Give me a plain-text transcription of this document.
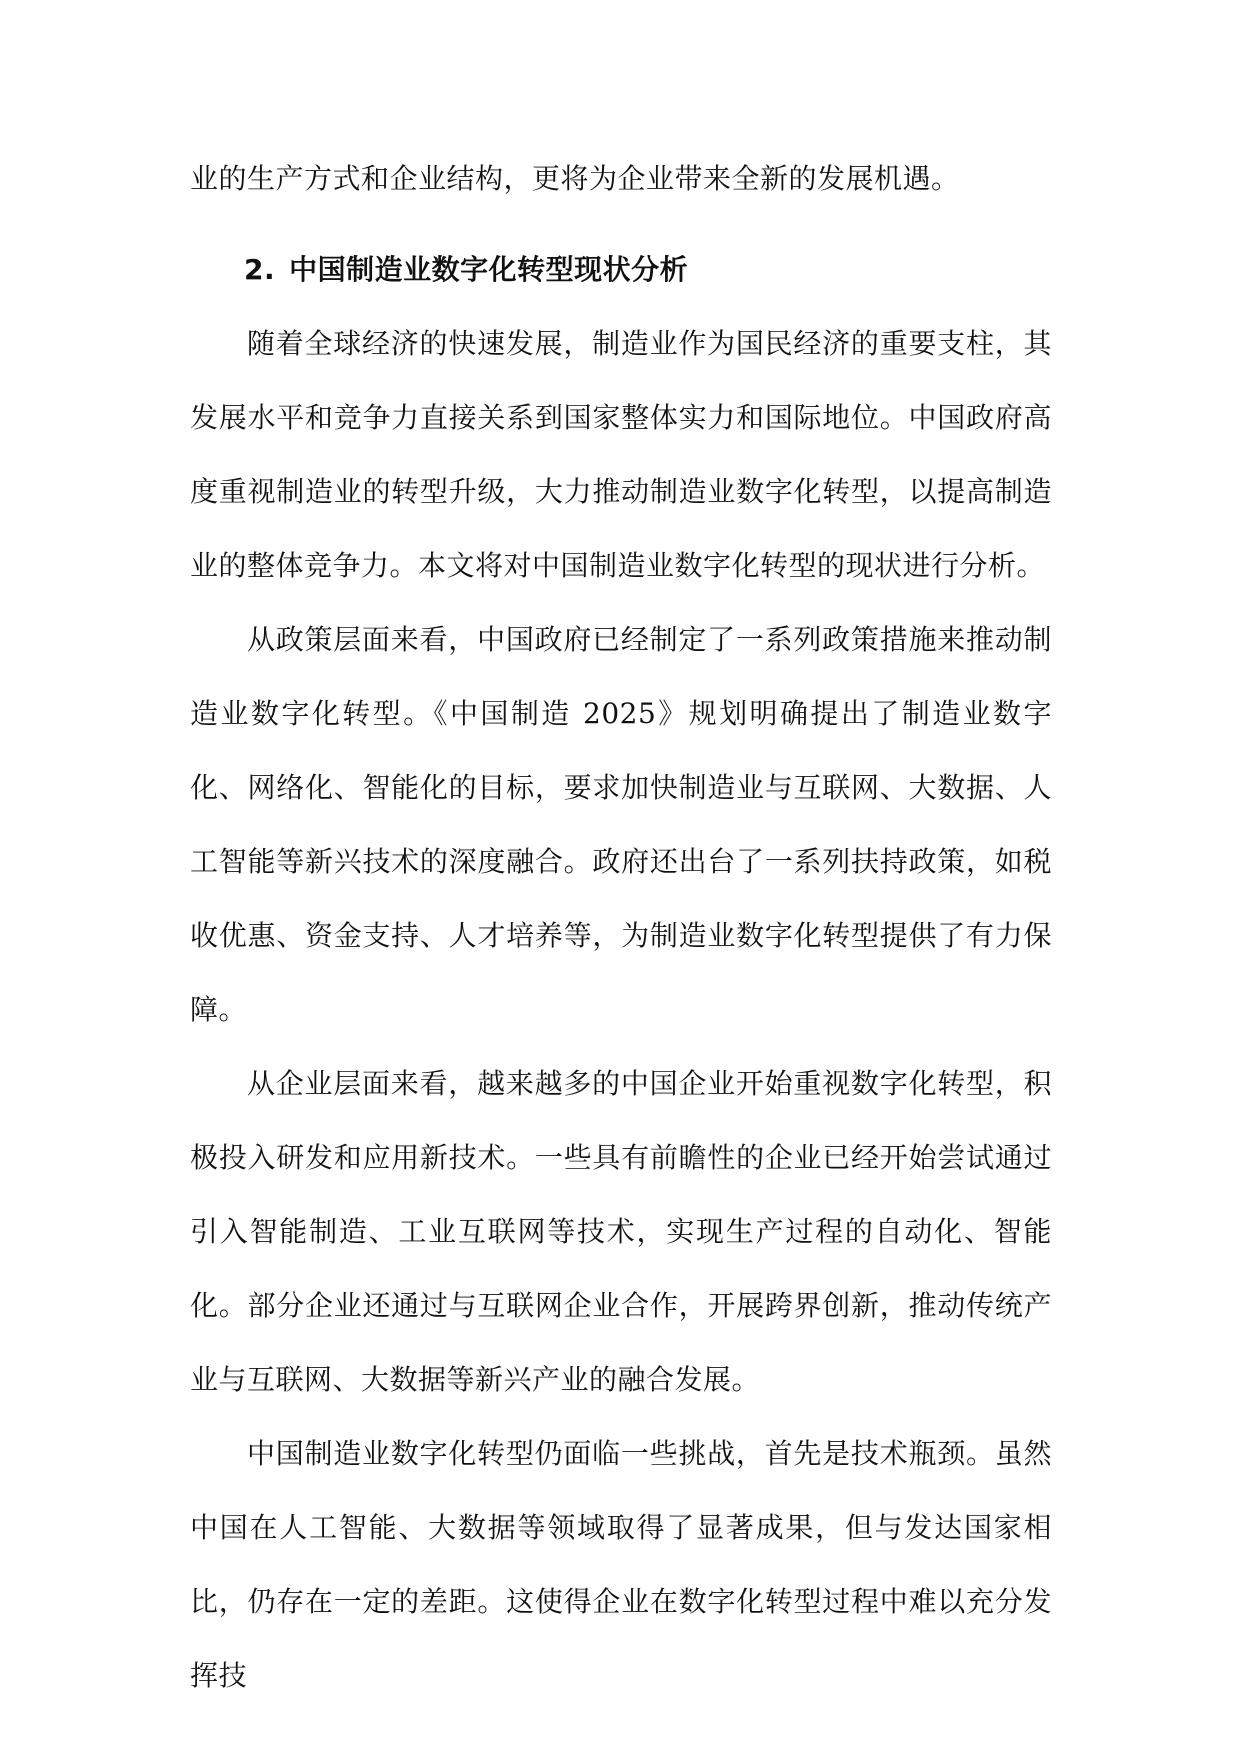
业的生产方式和企业结构，更将为企业带来全新的发展机遇。

2. 中国制造业数字化转型现状分析

随着全球经济的快速发展，制造业作为国民经济的重要支柱，其发展水平和竞争力直接关系到国家整体实力和国际地位。中国政府高度重视制造业的转型升级，大力推动制造业数字化转型，以提高制造业的整体竞争力。本文将对中国制造业数字化转型的现状进行分析。

从政策层面来看，中国政府已经制定了一系列政策措施来推动制造业数字化转型。《中国制造 2025》规划明确提出了制造业数字化、网络化、智能化的目标，要求加快制造业与互联网、大数据、人工智能等新兴技术的深度融合。政府还出台了一系列扶持政策，如税收优惠、资金支持、人才培养等，为制造业数字化转型提供了有力保障。

从企业层面来看，越来越多的中国企业开始重视数字化转型，积极投入研发和应用新技术。一些具有前瞻性的企业已经开始尝试通过引入智能制造、工业互联网等技术，实现生产过程的自动化、智能化。部分企业还通过与互联网企业合作，开展跨界创新，推动传统产业与互联网、大数据等新兴产业的融合发展。

中国制造业数字化转型仍面临一些挑战，首先是技术瓶颈。虽然中国在人工智能、大数据等领域取得了显著成果，但与发达国家相比，仍存在一定的差距。这使得企业在数字化转型过程中难以充分发挥技
